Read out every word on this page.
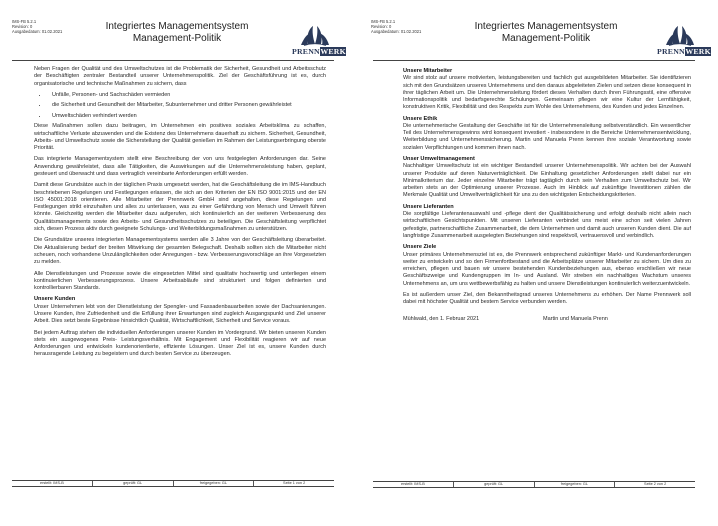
IMS-FB 5.2.1
Revision: 0
Ausgabedatum: 01.02.2021	Integriertes Managementsystem
Management-Politik
PRENNWERK

Neben Fragen der Qualität und des Umweltschutzes ist die Problematik der Sicherheit, Gesundheit und Arbeitsschutz der Beschäftigten zentraler Bestandteil unserer Unternehmenspolitik. Ziel der Geschäftsführung ist es, durch organisatorische und technische Maßnahmen zu sichern, dass

• Unfälle, Personen- und Sachschäden vermieden
• die Sicherheit und Gesundheit der Mitarbeiter, Subunternehmer und dritter Personen gewährleistet
• Umweltschäden verhindert werden

Diese Maßnahmen sollen dazu beitragen, im Unternehmen ein positives soziales Arbeitsklima zu schaffen, wirtschaftliche Verluste abzuwenden und die Existenz des Unternehmens dauerhaft zu sichern. Sicherheit, Gesundheit, Arbeits- und Umweltschutz sowie die Sicherstellung der Qualität genießen im Rahmen der Leistungserbringung oberste Priorität.

Das integrierte Managementsystem stellt eine Beschreibung der von uns festgelegten Anforderungen dar. Seine Anwendung gewährleistet, dass alle Tätigkeiten, die Auswirkungen auf die Unternehmensleistung haben, geplant, gesteuert und überwacht und dass vertraglich vereinbarte Anforderungen erfüllt werden.

Damit diese Grundsätze auch in der täglichen Praxis umgesetzt werden, hat die Geschäftsleitung die im IMS-Handbuch beschriebenen Regelungen und Festlegungen erlassen, die sich an den Kriterien der EN ISO 9001:2015 und der EN ISO 45001:2018 orientieren. Alle Mitarbeiter der Prennwerk GmbH sind angehalten, diese Regelungen und Festlegungen strikt einzuhalten und alles zu unterlassen, was zu einer Gefährdung von Mensch und Umwelt führen könnte. Gleichzeitig werden die Mitarbeiter dazu aufgerufen, sich kontinuierlich an der weiteren Verbesserung des Qualitätsmanagements sowie des Arbeits- und Gesundheitsschutzes zu beteiligen. Die Geschäftsleitung verpflichtet sich, diesen Prozess aktiv durch geeignete Schulungs- und Weiterbildungsmaßnahmen zu unterstützen.

Die Grundsätze unseres integrierten Managementsystems werden alle 3 Jahre von der Geschäftsleitung überarbeitet. Die Aktualisierung bedarf der breiten Mitwirkung der gesamten Belegschaft. Deshalb sollten sich die Mitarbeiter nicht scheuen, noch vorhandene Unzulänglichkeiten oder Anregungen - bzw. Verbesserungsvorschläge an ihre Vorgesetzten zu melden.

Alle Dienstleistungen und Prozesse sowie die eingesetzten Mittel sind qualitativ hochwertig und unterliegen einem kontinuierlichen Verbesserungsprozess. Unsere Arbeitsabläufe sind strukturiert und folgen definierten und kontrollierbaren Standards.

Unsere Kunden

Unser Unternehmen lebt von der Dienstleistung der Spengler- und Fassadenbauarbeiten sowie der Dachsanierungen. Unsere Kunden, ihre Zufriedenheit und die Erfüllung ihrer Erwartungen sind zugleich Ausgangspunkt und Ziel unserer Arbeit. Dies setzt beste Ergebnisse hinsichtlich Qualität, Wirtschaftlichkeit, Sicherheit und Service voraus.

Bei jedem Auftrag stehen die individuellen Anforderungen unserer Kunden im Vordergrund. Wir bieten unseren Kunden stets ein ausgewogenes Preis- Leistungsverhältnis. Mit Engagement und Flexibilität reagieren wir auf neue Anforderungen und entwickeln kundenorientierte, effiziente Lösungen. Unser Ziel ist es, unsere Kunden durch herausragende Leistung zu begeistern und durch besten Service zu überzeugen.

erstellt: IMS-B	geprüft: GL	freigegeben: GL	Seite 1 von 2
IMS-FB 5.2.1
Revision: 0
Ausgabedatum: 01.02.2021	Integriertes Managementsystem
Management-Politik
PRENNWERK
Unsere Mitarbeiter

Wir sind stolz auf unsere motivierten, leistungsbereiten und fachlich gut ausgebildeten Mitarbeiter. Sie identifizieren sich mit den Grundsätzen unseres Unternehmens und den daraus abgeleiteten Zielen und setzen diese konsequent in ihrer täglichen Arbeit um. Die Unternehmensleitung fördert dieses Verhalten durch ihren Führungsstil, eine offensive Informationspolitik und bedarfsgerechte Schulungen. Gemeinsam pflegen wir eine Kultur der Lernfähigkeit, konstruktiven Kritik, Flexibilität und des Respekts zum Wohle des Unternehmens, des Kunden und jedes Einzelnen.

Unsere Ethik

Die unternehmerische Gestaltung der Geschäfte ist für die Unternehmensleitung selbstverständlich. Ein wesentlicher Teil des Unternehmensgewinns wird konsequent investiert - insbesondere in die Bereiche Unternehmensentwicklung, Weiterbildung und Unternehmenssicherung. Martin und Manuela Prenn kennen ihre soziale Verantwortung sowie sozialen Verpflichtungen und kommen ihnen nach.

Unser Umweltmanagement

Nachhaltiger Umweltschutz ist ein wichtiger Bestandteil unserer Unternehmenspolitik. Wir achten bei der Auswahl unserer Produkte auf deren Naturverträglichkeit. Die Einhaltung gesetzlicher Anforderungen stellt dabei nur ein Minimalkriterium dar. Jeder einzelne Mitarbeiter trägt tagtäglich durch sein Verhalten zum Umweltschutz bei. Wir arbeiten stets an der Optimierung unserer Prozesse. Auch im Hinblick auf zukünftige Investitionen zählen die Merkmale Qualität und Umweltverträglichkeit für uns zu den wichtigsten Entscheidungskriterien.

Unsere Lieferanten

Die sorgfältige Lieferantenauswahl und -pflege dient der Qualitätssicherung und erfolgt deshalb nicht allein nach wirtschaftlichen Gesichtspunkten. Mit unseren Lieferanten verbindet uns meist eine schon seit vielen Jahren gefestigte, partnerschaftliche Zusammenarbeit, die dem Unternehmen und damit auch unseren Kunden dient. Die auf langfristige Zusammenarbeit ausgelegten Beziehungen sind respektvoll, vertrauensvoll und verbindlich.

Unsere Ziele

Unser primäres Unternehmensziel ist es, die Prennwerk entsprechend zukünftiger Markt- und Kundenanforderungen weiter zu entwickeln und so den Firmenfortbestand und die Arbeitsplätze unserer Mitarbeiter zu sichern. Um dies zu erreichen, pflegen und bauen wir unsere bestehenden Kundenbeziehungen aus, ebenso erschließen wir neue Geschäftszweige und Kundengruppen im In- und Ausland. Wir streben ein nachhaltiges Wachstum unseres Unternehmens an, um uns wettbewerbsfähig zu halten und unsere Dienstleistungen kontinuierlich weiterzuentwickeln.

Es ist außerdem unser Ziel, den Bekanntheitsgrad unseres Unternehmens zu erhöhen. Der Name Prennwerk soll dabei mit höchster Qualität und bestem Service verbunden werden.

Mühlwald, den 1. Februar 2021	Martin und Manuela Prenn
erstellt: IMS-B	geprüft: GL	freigegeben: GL	Seite 2 von 2
